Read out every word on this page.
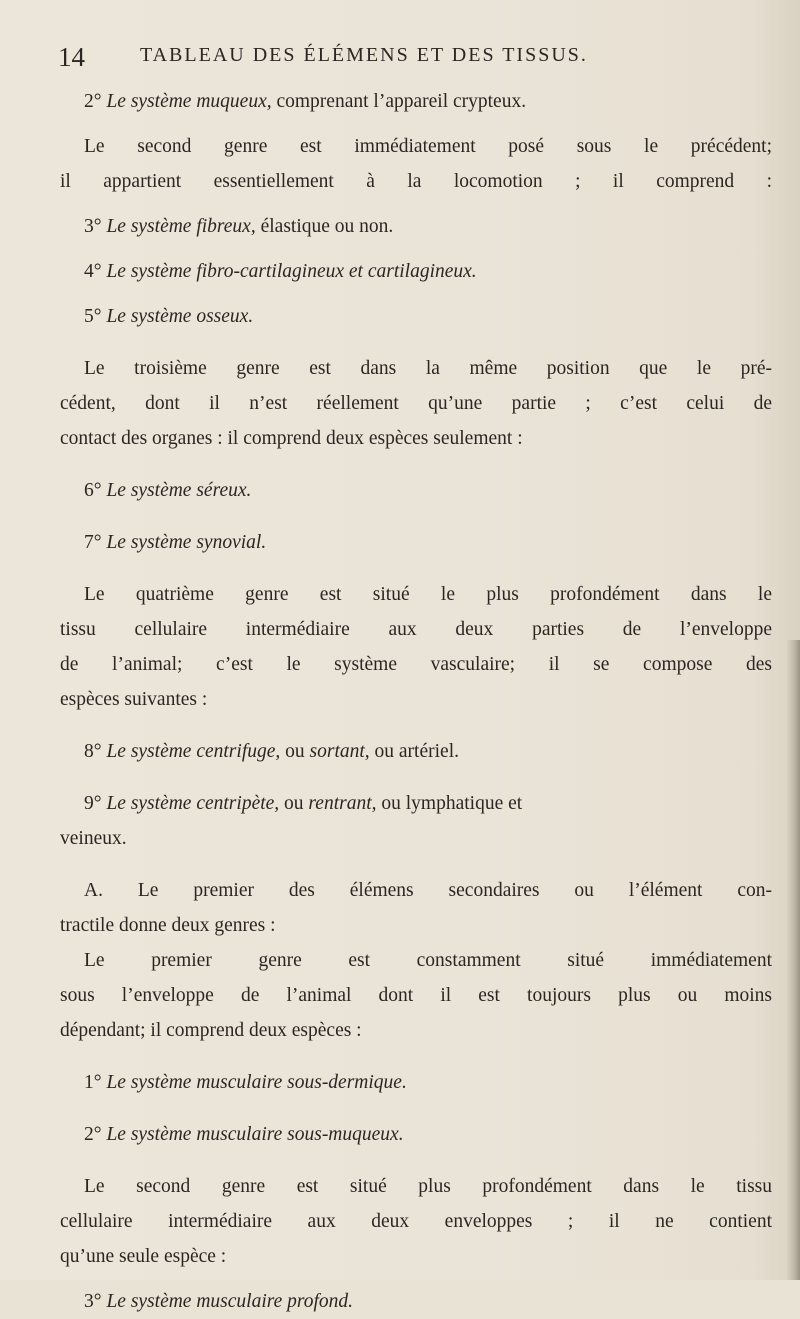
14	TABLEAU DES ÉLÉMENS ET DES TISSUS.
2° Le système muqueux, comprenant l’appareil crypteux.
Le second genre est immédiatement posé sous le précédent;
il appartient essentiellement à la locomotion ; il comprend :
3° Le système fibreux, élastique ou non.
4° Le système fibro-cartilagineux et cartilagineux.
5° Le système osseux.
Le troisième genre est dans la même position que le pré-
cédent, dont il n’est réellement qu’une partie ; c’est celui de
contact des organes : il comprend deux espèces seulement :
6° Le système séreux.
7° Le système synovial.
Le quatrième genre est situé le plus profondément dans le
tissu cellulaire intermédiaire aux deux parties de l’enveloppe
de l’animal; c’est le système vasculaire; il se compose des
espèces suivantes :
8° Le système centrifuge, ou sortant, ou artériel.
9° Le système centripète, ou rentrant, ou lymphatique et
veineux.
A. Le premier des élémens secondaires ou l’élément con-
tractile donne deux genres :
Le premier genre est constamment situé immédiatement
sous l’enveloppe de l’animal dont il est toujours plus ou moins
dépendant; il comprend deux espèces :
1° Le système musculaire sous-dermique.
2° Le système musculaire sous-muqueux.
Le second genre est situé plus profondément dans le tissu
cellulaire intermédiaire aux deux enveloppes ; il ne contient
qu’une seule espèce :
3° Le système musculaire profond.
